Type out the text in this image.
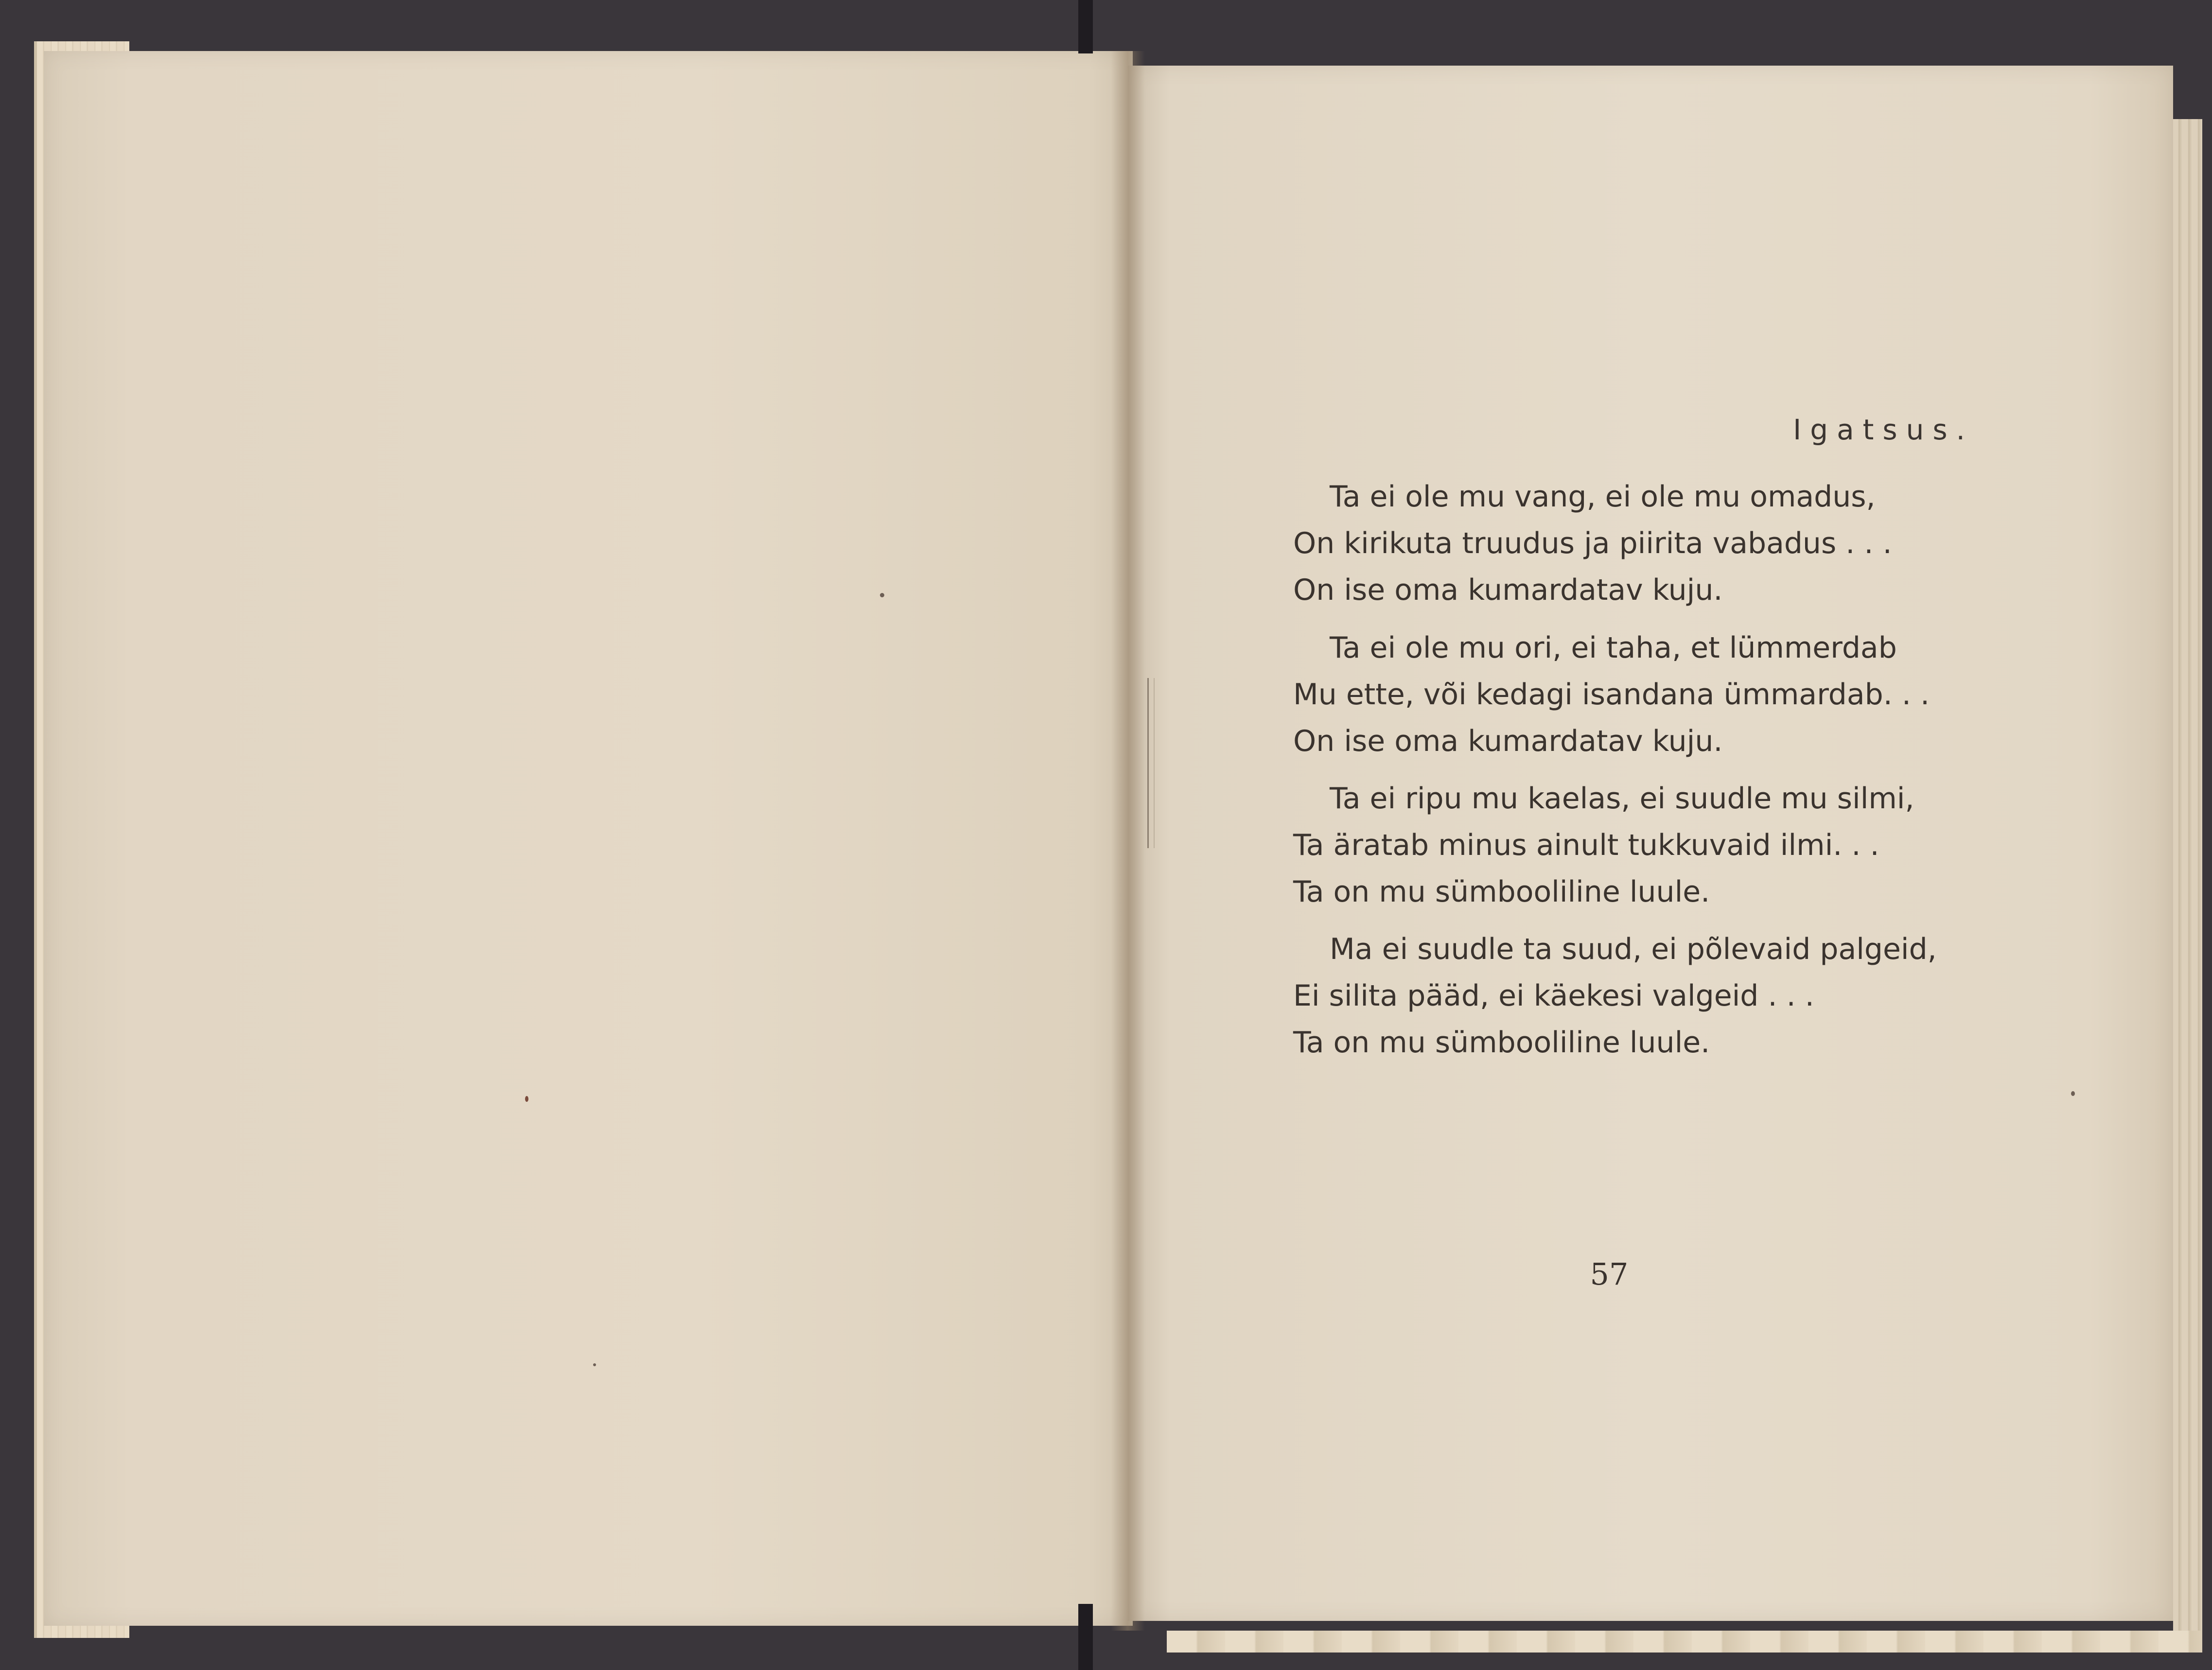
Igatsus.
Ta ei ole mu vang, ei ole mu omadus,
On kirikuta truudus ja piirita vabadus . . .
On ise oma kumardatav kuju.
Ta ei ole mu ori, ei taha, et lümmerdab
Mu ette, või kedagi isandana ümmardab. . .
On ise oma kumardatav kuju.
Ta ei ripu mu kaelas, ei suudle mu silmi,
Ta äratab minus ainult tukkuvaid ilmi. . .
Ta on mu sümbooliline luule.
Ma ei suudle ta suud, ei põlevaid palgeid,
Ei silita pääd, ei käekesi valgeid . . .
Ta on mu sümbooliline luule.
57
